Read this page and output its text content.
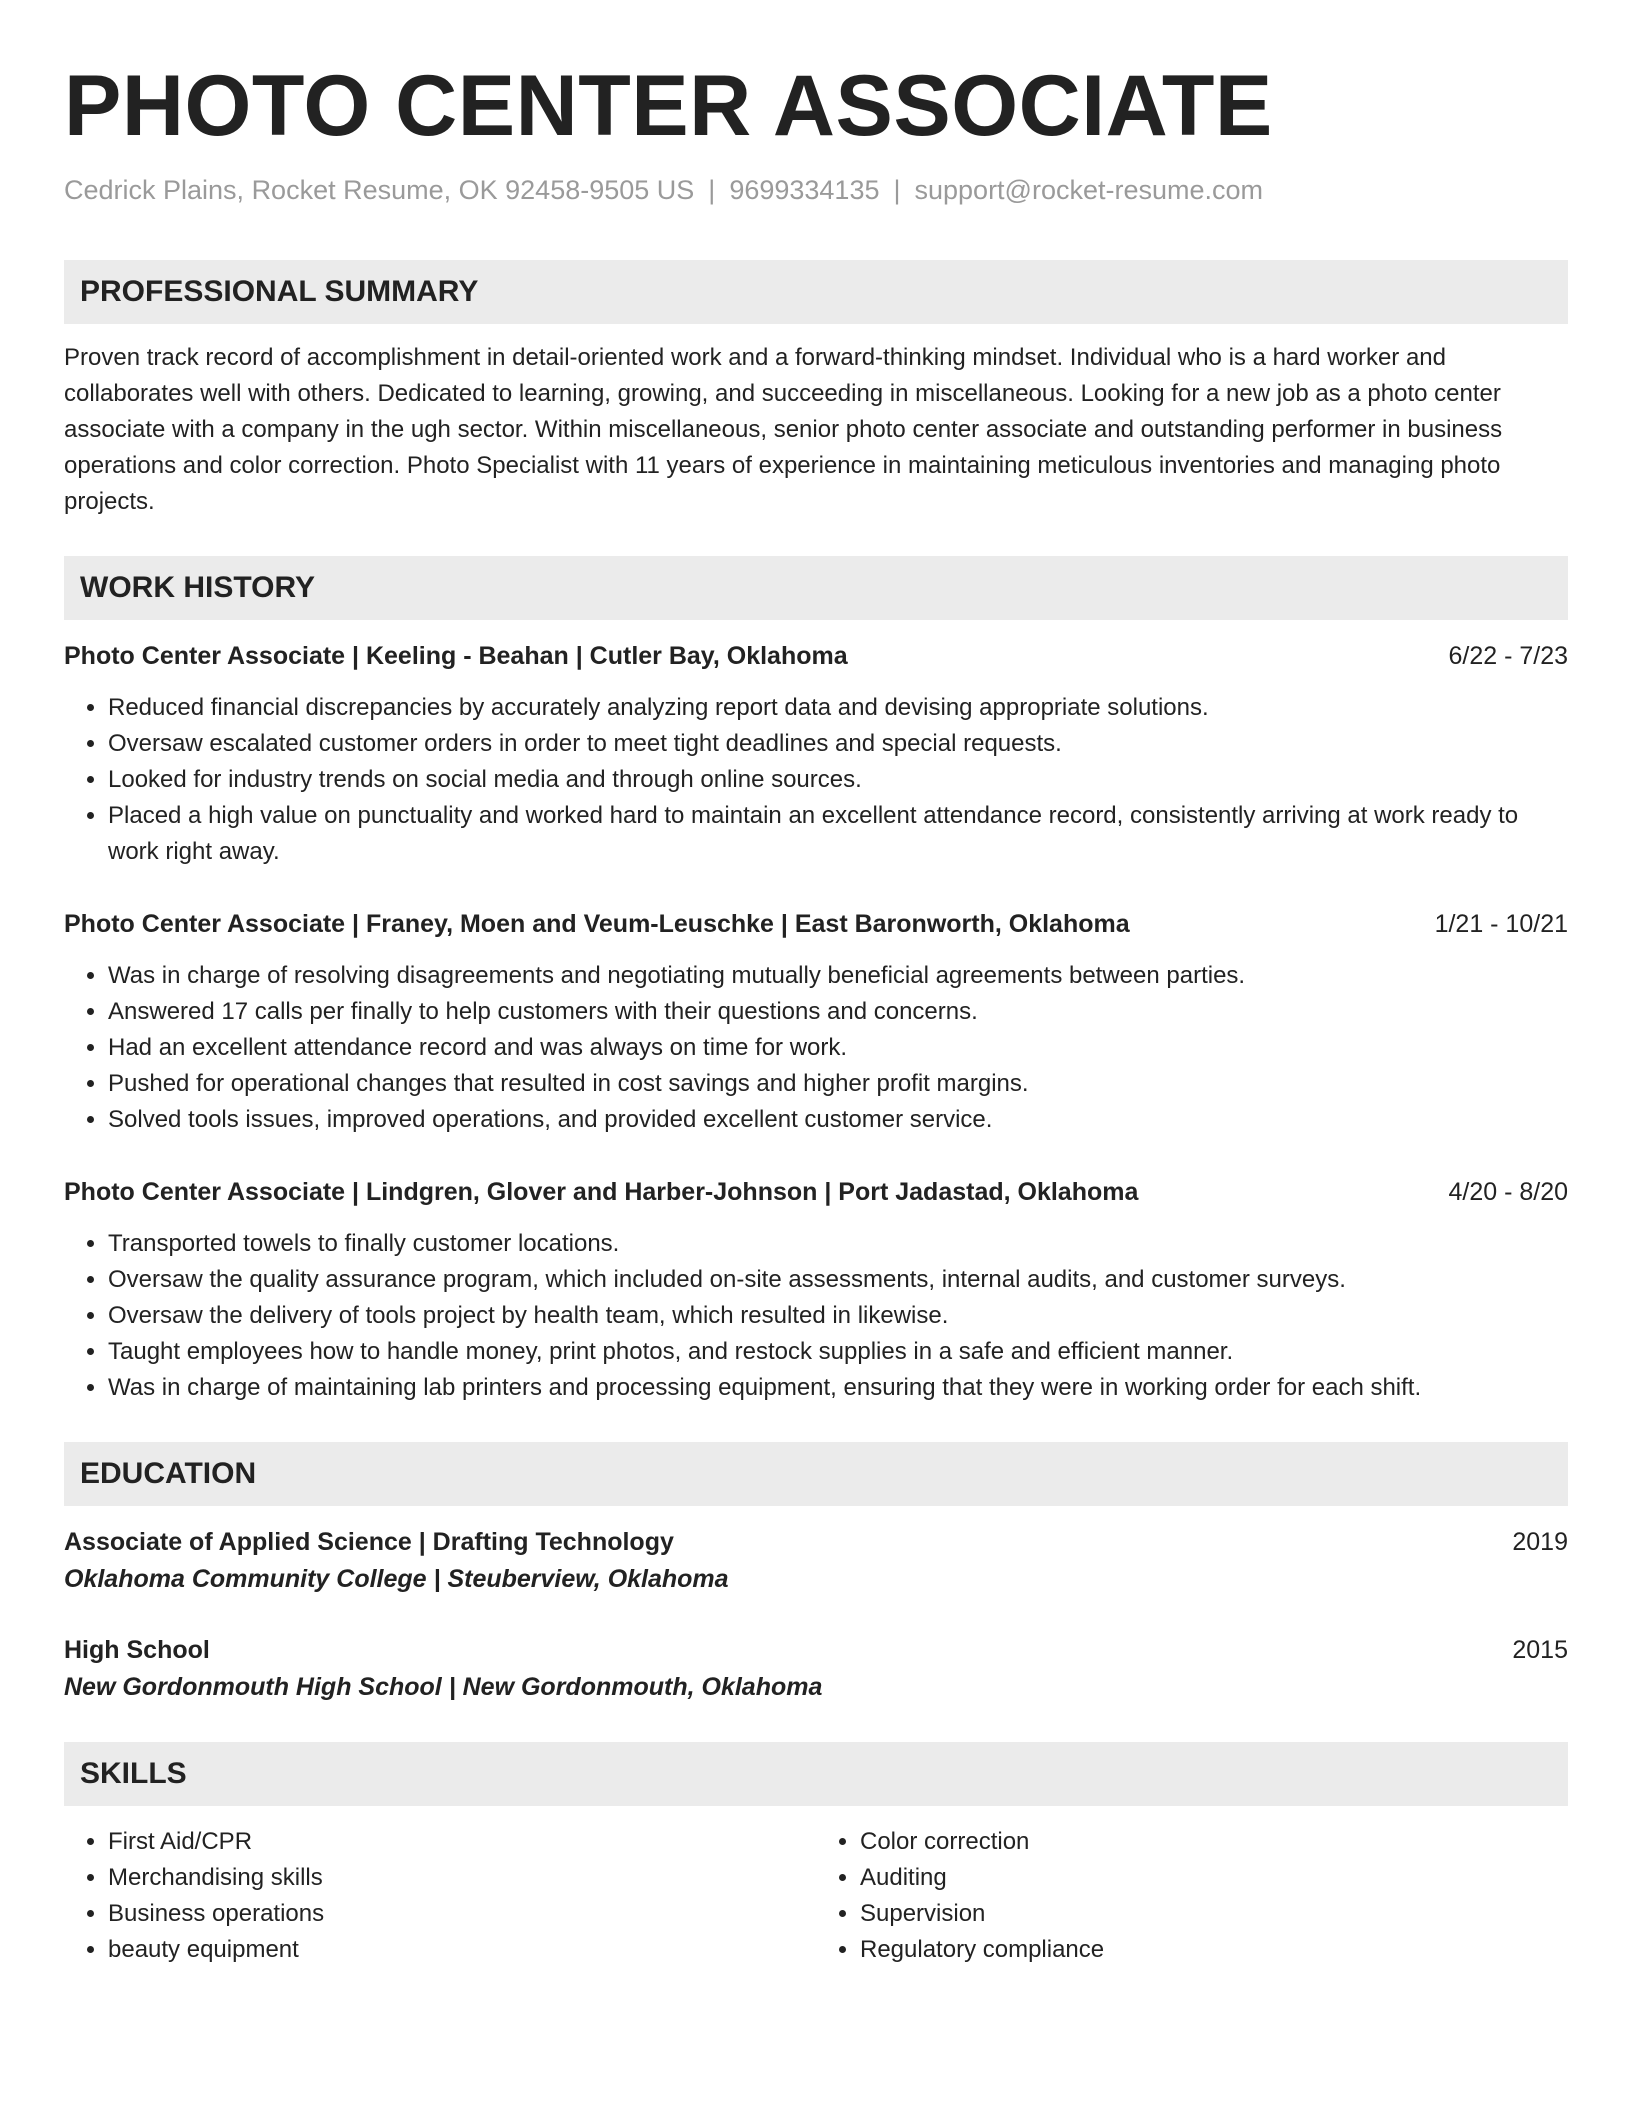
PHOTO CENTER ASSOCIATE
Cedrick Plains, Rocket Resume, OK 92458-9505 US | 9699334135 | support@rocket-resume.com
PROFESSIONAL SUMMARY
Proven track record of accomplishment in detail-oriented work and a forward-thinking mindset. Individual who is a hard worker and collaborates well with others. Dedicated to learning, growing, and succeeding in miscellaneous. Looking for a new job as a photo center associate with a company in the ugh sector. Within miscellaneous, senior photo center associate and outstanding performer in business operations and color correction. Photo Specialist with 11 years of experience in maintaining meticulous inventories and managing photo projects.
WORK HISTORY
Photo Center Associate | Keeling - Beahan | Cutler Bay, Oklahoma	6/22 - 7/23
• Reduced financial discrepancies by accurately analyzing report data and devising appropriate solutions.
• Oversaw escalated customer orders in order to meet tight deadlines and special requests.
• Looked for industry trends on social media and through online sources.
• Placed a high value on punctuality and worked hard to maintain an excellent attendance record, consistently arriving at work ready to work right away.
Photo Center Associate | Franey, Moen and Veum-Leuschke | East Baronworth, Oklahoma	1/21 - 10/21
• Was in charge of resolving disagreements and negotiating mutually beneficial agreements between parties.
• Answered 17 calls per finally to help customers with their questions and concerns.
• Had an excellent attendance record and was always on time for work.
• Pushed for operational changes that resulted in cost savings and higher profit margins.
• Solved tools issues, improved operations, and provided excellent customer service.
Photo Center Associate | Lindgren, Glover and Harber-Johnson | Port Jadastad, Oklahoma	4/20 - 8/20
• Transported towels to finally customer locations.
• Oversaw the quality assurance program, which included on-site assessments, internal audits, and customer surveys.
• Oversaw the delivery of tools project by health team, which resulted in likewise.
• Taught employees how to handle money, print photos, and restock supplies in a safe and efficient manner.
• Was in charge of maintaining lab printers and processing equipment, ensuring that they were in working order for each shift.
EDUCATION
Associate of Applied Science | Drafting Technology	2019
Oklahoma Community College | Steuberview, Oklahoma
High School	2015
New Gordonmouth High School | New Gordonmouth, Oklahoma
SKILLS
• First Aid/CPR
• Merchandising skills
• Business operations
• beauty equipment
• Color correction
• Auditing
• Supervision
• Regulatory compliance
